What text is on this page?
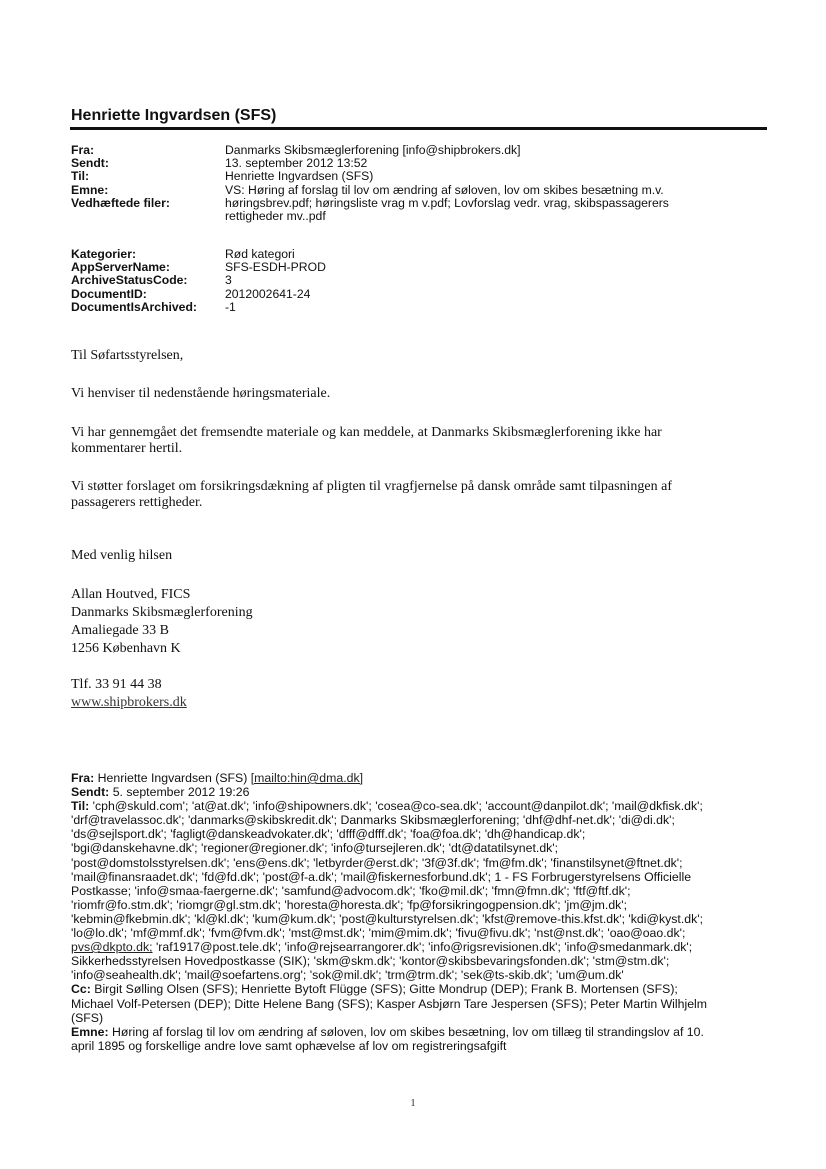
Henriette Ingvardsen (SFS)
Fra:	Danmarks Skibsmæglerforening [info@shipbrokers.dk]
Sendt:	13. september 2012 13:52
Til:	Henriette Ingvardsen (SFS)
Emne:	VS: Høring af forslag til lov om ændring af søloven, lov om skibes besætning m.v.
Vedhæftede filer:	høringsbrev.pdf; høringsliste vrag m v.pdf; Lovforslag vedr. vrag, skibspassagerers
rettigheder mv..pdf
Kategorier:	Rød kategori
AppServerName:	SFS-ESDH-PROD
ArchiveStatusCode:	3
DocumentID:	2012002641-24
DocumentIsArchived:	-1
Til Søfartsstyrelsen,
Vi henviser til nedenstående høringsmateriale.
Vi har gennemgået det fremsendte materiale og kan meddele, at Danmarks Skibsmæglerforening ikke har
kommentarer hertil.
Vi støtter forslaget om forsikringsdækning af pligten til vragfjernelse på dansk område samt tilpasningen af
passagerers rettigheder.
Med venlig hilsen
Allan Houtved, FICS
Danmarks Skibsmæglerforening
Amaliegade 33 B
1256 København K
Tlf. 33 91 44 38
www.shipbrokers.dk
Fra: Henriette Ingvardsen (SFS) [mailto:hin@dma.dk]
Sendt: 5. september 2012 19:26
Til: 'cph@skuld.com'; 'at@at.dk'; 'info@shipowners.dk'; 'cosea@co-sea.dk'; 'account@danpilot.dk'; 'mail@dkfisk.dk';
'drf@travelassoc.dk'; 'danmarks@skibskredit.dk'; Danmarks Skibsmæglerforening; 'dhf@dhf-net.dk'; 'di@di.dk';
'ds@sejlsport.dk'; 'fagligt@danskeadvokater.dk'; 'dfff@dfff.dk'; 'foa@foa.dk'; 'dh@handicap.dk';
'bgi@danskehavne.dk'; 'regioner@regioner.dk'; 'info@tursejleren.dk'; 'dt@datatilsynet.dk';
'post@domstolsstyrelsen.dk'; 'ens@ens.dk'; 'letbyrder@erst.dk'; '3f@3f.dk'; 'fm@fm.dk'; 'finanstilsynet@ftnet.dk';
'mail@finansraadet.dk'; 'fd@fd.dk'; 'post@f-a.dk'; 'mail@fiskernesforbund.dk'; 1 - FS Forbrugerstyrelsens Officielle
Postkasse; 'info@smaa-faergerne.dk'; 'samfund@advocom.dk'; 'fko@mil.dk'; 'fmn@fmn.dk'; 'ftf@ftf.dk';
'riomfr@fo.stm.dk'; 'riomgr@gl.stm.dk'; 'horesta@horesta.dk'; 'fp@forsikringogpension.dk'; 'jm@jm.dk';
'kebmin@fkebmin.dk'; 'kl@kl.dk'; 'kum@kum.dk'; 'post@kulturstyrelsen.dk'; 'kfst@remove-this.kfst.dk'; 'kdi@kyst.dk';
'lo@lo.dk'; 'mf@mmf.dk'; 'fvm@fvm.dk'; 'mst@mst.dk'; 'mim@mim.dk'; 'fivu@fivu.dk'; 'nst@nst.dk'; 'oao@oao.dk';
pvs@dkpto.dk; 'raf1917@post.tele.dk'; 'info@rejsearrangorer.dk'; 'info@rigsrevisionen.dk'; 'info@smedanmark.dk';
Sikkerhedsstyrelsen Hovedpostkasse (SIK); 'skm@skm.dk'; 'kontor@skibsbevaringsfonden.dk'; 'stm@stm.dk';
'info@seahealth.dk'; 'mail@soefartens.org'; 'sok@mil.dk'; 'trm@trm.dk'; 'sek@ts-skib.dk'; 'um@um.dk'
Cc: Birgit Sølling Olsen (SFS); Henriette Bytoft Flügge (SFS); Gitte Mondrup (DEP); Frank B. Mortensen (SFS);
Michael Volf-Petersen (DEP); Ditte Helene Bang (SFS); Kasper Asbjørn Tare Jespersen (SFS); Peter Martin Wilhjelm
(SFS)
Emne: Høring af forslag til lov om ændring af søloven, lov om skibes besætning, lov om tillæg til strandingslov af 10.
april 1895 og forskellige andre love samt ophævelse af lov om registreringsafgift
1
